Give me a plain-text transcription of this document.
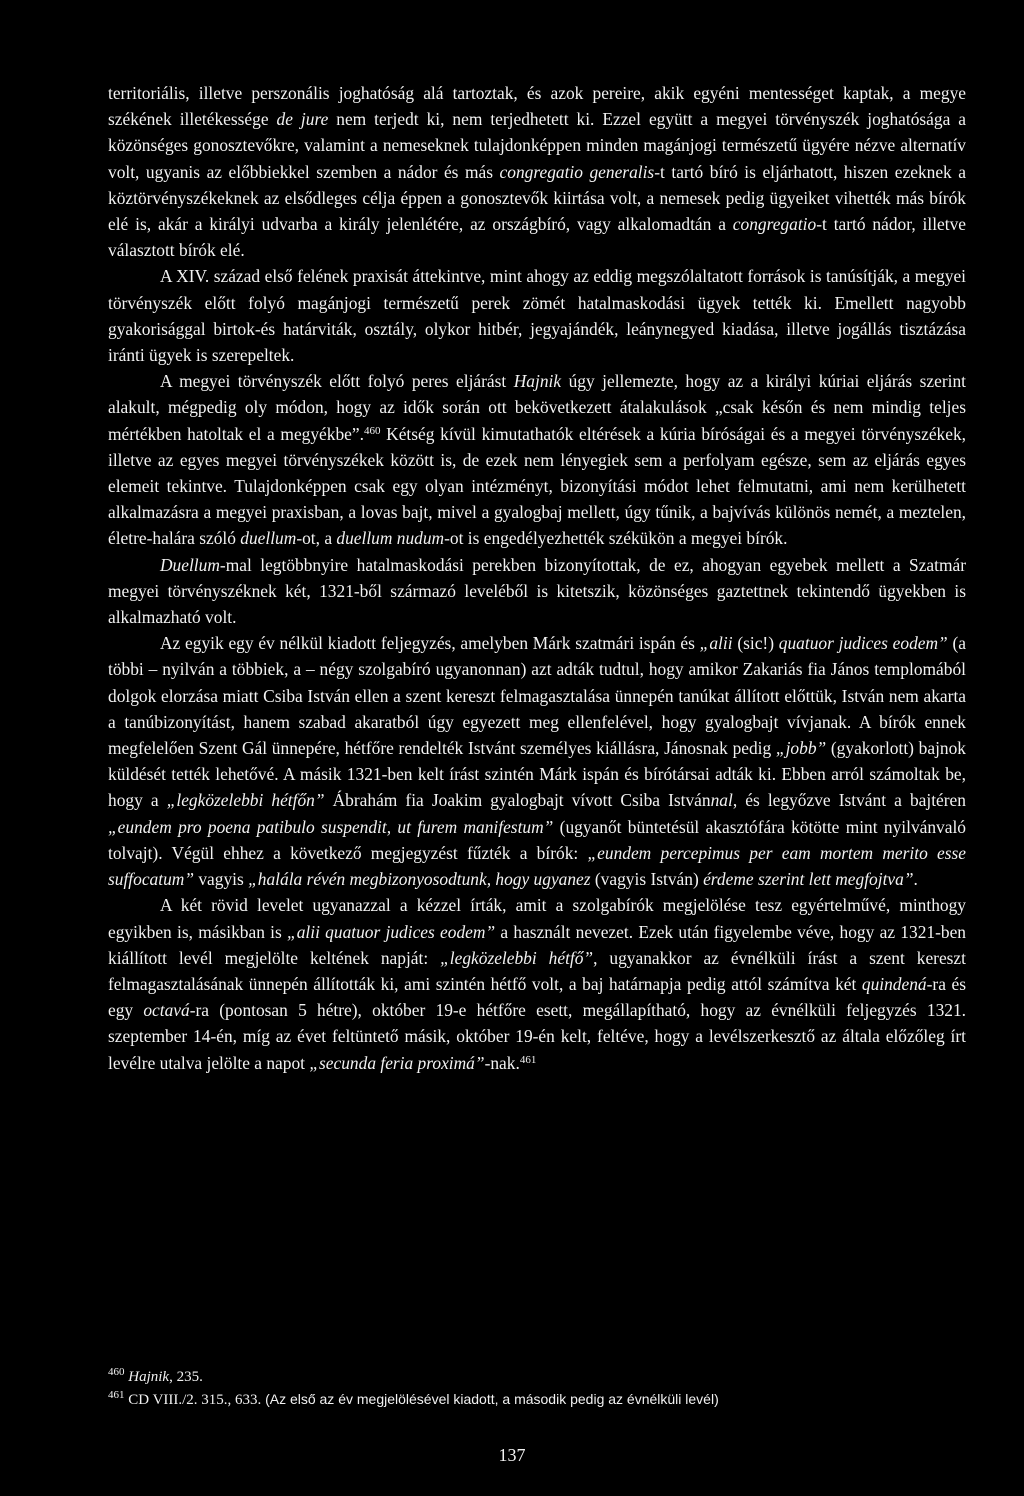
territoriális, illetve perszonális joghatóság alá tartoztak, és azok pereire, akik egyéni mentességet kaptak, a megye székének illetékessége de jure nem terjedt ki, nem terjedhetett ki. Ezzel együtt a megyei törvényszék joghatósága a közönséges gonosztevőkre, valamint a nemeseknek tulajdonképpen minden magánjogi természetű ügyére nézve alternatív volt, ugyanis az előbbiekkel szemben a nádor és más congregatio generalis-t tartó bíró is eljárhatott, hiszen ezeknek a köztörvényszékeknek az elsődleges célja éppen a gonosztevők kiirtása volt, a nemesek pedig ügyeiket vihették más bírók elé is, akár a királyi udvarba a király jelenlétére, az országbíró, vagy alkalomadtán a congregatio-t tartó nádor, illetve választott bírók elé.

A XIV. század első felének praxisát áttekintve, mint ahogy az eddig megszólaltatott források is tanúsítják, a megyei törvényszék előtt folyó magánjogi természetű perek zömét hatalmaskodási ügyek tették ki. Emellett nagyobb gyakorisággal birtok-és határviták, osztály, olykor hitbér, jegyajándék, leánynegyed kiadása, illetve jogállás tisztázása iránti ügyek is szerepeltek.

A megyei törvényszék előtt folyó peres eljárást Hajnik úgy jellemezte, hogy az a királyi kúriai eljárás szerint alakult, mégpedig oly módon, hogy az idők során ott bekövetkezett átalakulások „csak későn és nem mindig teljes mértékben hatoltak el a megyékbe”.$^{460}$ Kétség kívül kimutathatók eltérések a kúria bíróságai és a megyei törvényszékek, illetve az egyes megyei törvényszékek között is, de ezek nem lényegiek sem a perfolyam egésze, sem az eljárás egyes elemeit tekintve. Tulajdonképpen csak egy olyan intézményt, bizonyítási módot lehet felmutatni, ami nem kerülhetett alkalmazásra a megyei praxisban, a lovas bajt, mivel a gyalogbaj mellett, úgy tűnik, a bajvívás különös nemét, a meztelen, életre-halára szóló duellum-ot, a duellum nudum-ot is engedélyezhették székükön a megyei bírók.

Duellum-mal legtöbbnyire hatalmaskodási perekben bizonyítottak, de ez, ahogyan egyebek mellett a Szatmár megyei törvényszéknek két, 1321-ből származó leveléből is kitetszik, közönséges gaztettnek tekintendő ügyekben is alkalmazható volt.

Az egyik egy év nélkül kiadott feljegyzés, amelyben Márk szatmári ispán és „alii (sic!) quatuor judices eodem” (a többi – nyilván a többiek, a – négy szolgabíró ugyanonnan) azt adták tudtul, hogy amikor Zakariás fia János templomából dolgok elorzása miatt Csiba István ellen a szent kereszt felmagasztalása ünnepén tanúkat állított előttük, István nem akarta a tanúbizonyítást, hanem szabad akaratból úgy egyezett meg ellenfelével, hogy gyalogbajt vívjanak. A bírók ennek megfelelően Szent Gál ünnepére, hétfőre rendelték Istvánt személyes kiállásra, Jánosnak pedig „jobb” (gyakorlott) bajnok küldését tették lehetővé. A másik 1321-ben kelt írást szintén Márk ispán és bírótársai adták ki. Ebben arról számoltak be, hogy a „legközelebbi hétfőn” Ábrahám fia Joakim gyalogbajt vívott Csiba Istvánnal, és legyőzve Istvánt a bajtéren „eundem pro poena patibulo suspendit, ut furem manifestum” (ugyanőt büntetésül akasztófára kötötte mint nyilvánvaló tolvajt). Végül ehhez a következő megjegyzést fűzték a bírók: „eundem percepimus per eam mortem merito esse suffocatum” vagyis „halála révén megbizonyosodtunk, hogy ugyanez (vagyis István) érdeme szerint lett megfojtva”.

A két rövid levelet ugyanazzal a kézzel írták, amit a szolgabírók megjelölése tesz egyértelművé, minthogy egyikben is, másikban is „alii quatuor judices eodem” a használt nevezet. Ezek után figyelembe véve, hogy az 1321-ben kiállított levél megjelölte keltének napját: „legközelebbi hétfő”, ugyanakkor az évnélküli írást a szent kereszt felmagasztalásának ünnepén állították ki, ami szintén hétfő volt, a baj határnapja pedig attól számítva két quindená-ra és egy octavá-ra (pontosan 5 hétre), október 19-e hétfőre esett, megállapítható, hogy az évnélküli feljegyzés 1321. szeptember 14-én, míg az évet feltüntető másik, október 19-én kelt, feltéve, hogy a levélszerkesztő az általa előzőleg írt levélre utalva jelölte a napot „secunda feria proximá”-nak.$^{461}$

$^{460}$ Hajnik, 235.
$^{461}$ CD VIII./2. 315., 633. (Az első az év megjelölésével kiadott, a második pedig az évnélküli levél)
137
